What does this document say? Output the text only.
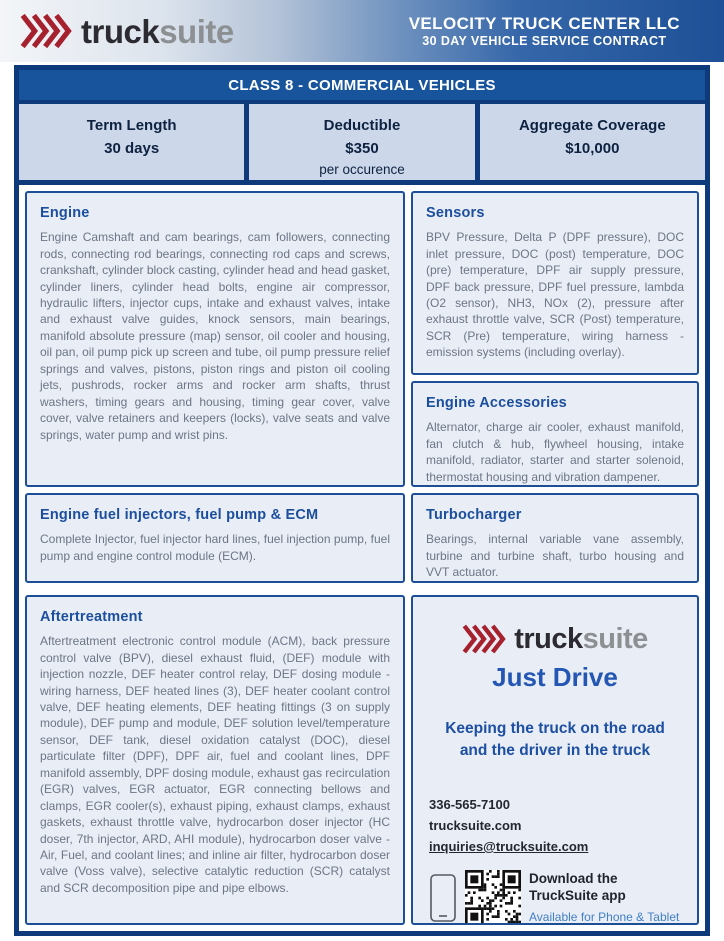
trucksuite	VELOCITY TRUCK CENTER LLC
30 DAY VEHICLE SERVICE CONTRACT
CLASS 8 - COMMERCIAL VEHICLES
Term Length
30 days
Deductible
$350
per occurence
Aggregate Coverage
$10,000
Engine

Engine Camshaft and cam bearings, cam followers, connecting rods, connecting rod bearings, connecting rod caps and screws, crankshaft, cylinder block casting, cylinder head and head gasket, cylinder liners, cylinder head bolts, engine air compressor, hydraulic lifters, injector cups, intake and exhaust valves, intake and exhaust valve guides, knock sensors, main bearings, manifold absolute pressure (map) sensor, oil cooler and housing, oil pan, oil pump pick up screen and tube, oil pump pressure relief springs and valves, pistons, piston rings and piston oil cooling jets, pushrods, rocker arms and rocker arm shafts, thrust washers, timing gears and housing, timing gear cover, valve cover, valve retainers and keepers (locks), valve seats and valve springs, water pump and wrist pins.

Engine fuel injectors, fuel pump & ECM

Complete Injector, fuel injector hard lines, fuel injection pump, fuel pump and engine control module (ECM).

Aftertreatment

Aftertreatment electronic control module (ACM), back pressure control valve (BPV), diesel exhaust fluid, (DEF) module with injection nozzle, DEF heater control relay, DEF dosing module - wiring harness, DEF heated lines (3), DEF heater coolant control valve, DEF heating elements, DEF heating fittings (3 on supply module), DEF pump and module, DEF solution level/temperature sensor, DEF tank, diesel oxidation catalyst (DOC), diesel particulate filter (DPF), DPF air, fuel and coolant lines, DPF manifold assembly, DPF dosing module, exhaust gas recirculation (EGR) valves, EGR actuator, EGR connecting bellows and clamps, EGR cooler(s), exhaust piping, exhaust clamps, exhaust gaskets, exhaust throttle valve, hydrocarbon doser injector (HC doser, 7th injector, ARD, AHI module), hydrocarbon doser valve - Air, Fuel, and coolant lines; and inline air filter, hydrocarbon doser valve (Voss valve), selective catalytic reduction (SCR) catalyst and SCR decomposition pipe and pipe elbows.

Sensors

BPV Pressure, Delta P (DPF pressure), DOC inlet pressure, DOC (post) temperature, DOC (pre) temperature, DPF air supply pressure, DPF back pressure, DPF fuel pressure, lambda (O2 sensor), NH3, NOx (2), pressure after exhaust throttle valve, SCR (Post) temperature, SCR (Pre) temperature, wiring harness - emission systems (including overlay).

Engine Accessories

Alternator, charge air cooler, exhaust manifold, fan clutch & hub, flywheel housing, intake manifold, radiator, starter and starter solenoid, thermostat housing and vibration dampener.

Turbocharger

Bearings, internal variable vane assembly, turbine and turbine shaft, turbo housing and VVT actuator.

trucksuite
Just Drive
Keeping the truck on the road
and the driver in the truck
336-565-7100
trucksuite.com
inquiries@trucksuite.com
Download the
TruckSuite app
Available for Phone & Tablet
